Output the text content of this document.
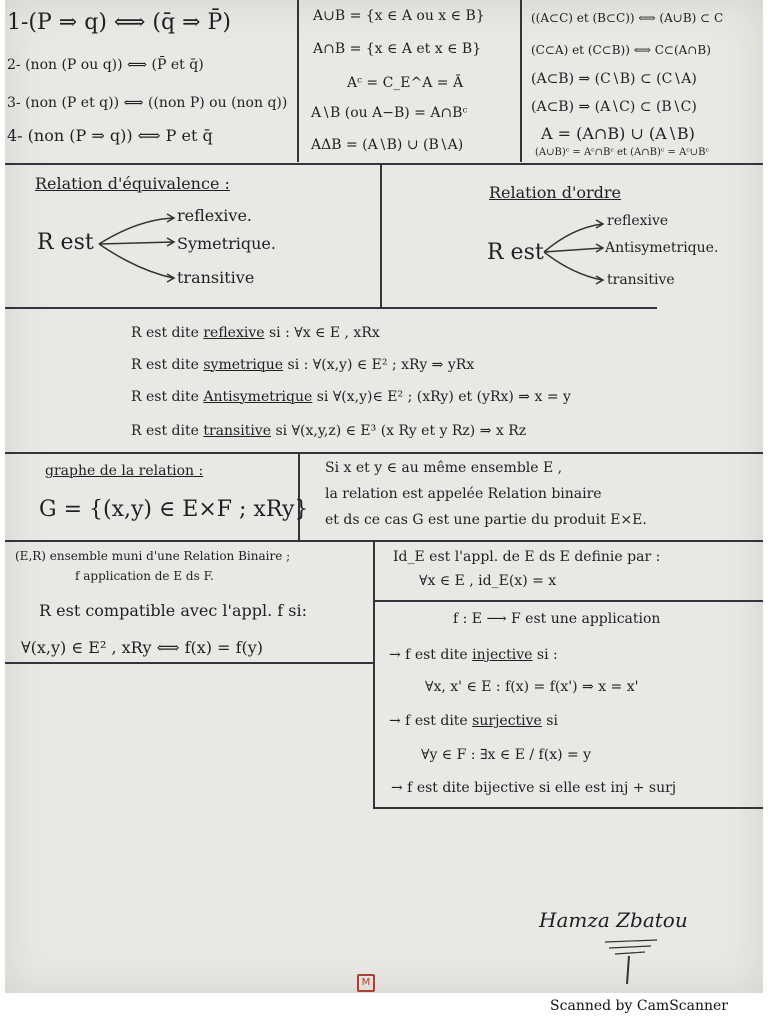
1-(P ⇒ q) ⟺ (q̄ ⇒ P̄)
2- (non (P ou q)) ⟺ (P̄ et q̄)
3- (non (P et q)) ⟺ ((non P) ou (non q))
4- (non (P ⇒ q)) ⟺ P et q̄
A∪B = {x ∈ A ou x ∈ B}
A∩B = {x ∈ A et x ∈ B}
Aᶜ = C_E^A = Ā
A∖B (ou A−B) = A∩Bᶜ
AΔB = (A∖B) ∪ (B∖A)
((A⊂C) et (B⊂C)) ⟺ (A∪B) ⊂ C
(C⊂A) et (C⊂B)) ⟺ C⊂(A∩B)
(A⊂B) ⇒ (C∖B) ⊂ (C∖A)
(A⊂B) ⇒ (A∖C) ⊂ (B∖C)
A = (A∩B) ∪ (A∖B)
(A∪B)ᶜ = Aᶜ∩Bᶜ et (A∩B)ᶜ = Aᶜ∪Bᶜ
Relation d'équivalence :
R est
reflexive.
Symetrique.
transitive
Relation d'ordre
R est
reflexive
Antisymetrique.
transitive
R est dite reflexive si : ∀x ∈ E , xRx
R est dite symetrique si : ∀(x,y) ∈ E² ; xRy ⇒ yRx
R est dite Antisymetrique si ∀(x,y)∈ E² ; (xRy) et (yRx) ⇒ x = y
R est dite transitive si ∀(x,y,z) ∈ E³ (x Ry et y Rz) ⇒ x Rz
graphe de la relation :
G = {(x,y) ∈ E×F ; xRy}
Si x et y ∈ au même ensemble E ,
la relation est appelée Relation binaire
et ds ce cas G est une partie du produit E×E.
(E,R) ensemble muni d'une Relation Binaire ;
f application de E ds F.
R est compatible avec l'appl. f si:
∀(x,y) ∈ E² , xRy ⟺ f(x) = f(y)
Id_E est l'appl. de E ds E definie par :
∀x ∈ E , id_E(x) = x
f : E ⟶ F est une application
→ f est dite injective si :
∀x, x' ∈ E : f(x) = f(x') ⇒ x = x'
→ f est dite surjective si
∀y ∈ F : ∃x ∈ E / f(x) = y
→ f est dite bijective si elle est inj + surj
Hamza Zbatou
M
Scanned by CamScanner
